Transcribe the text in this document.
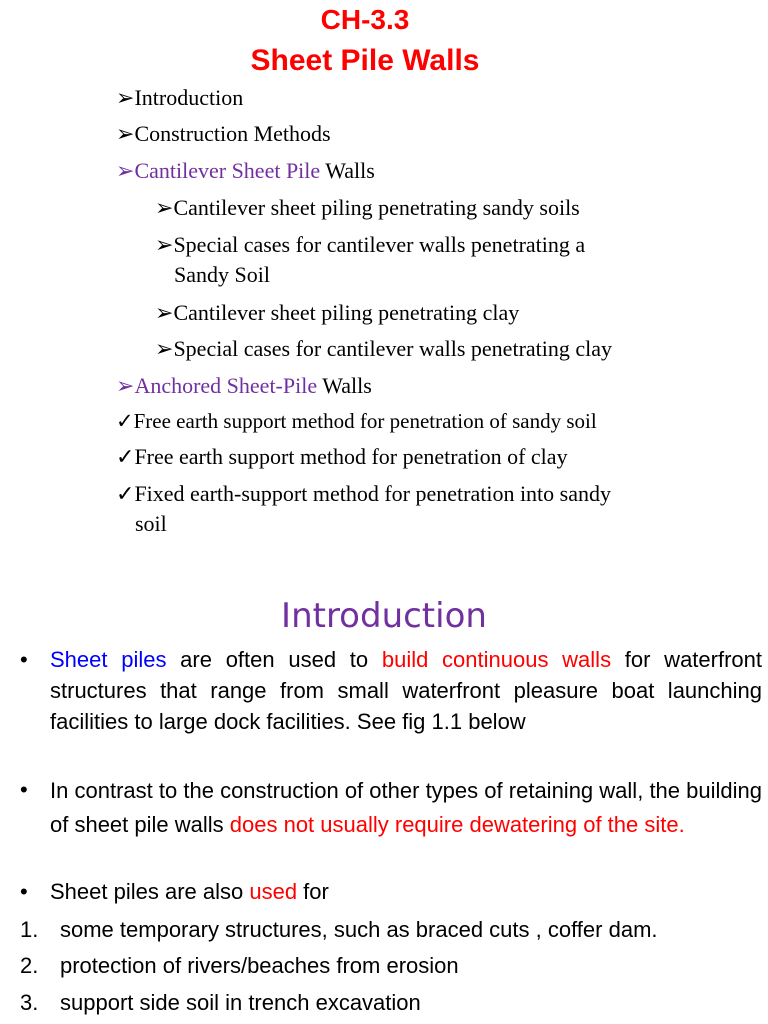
CH-3.3
Sheet Pile Walls
➢Introduction
➢Construction Methods
➢Cantilever Sheet Pile Walls
➢Cantilever sheet piling penetrating sandy soils
➢Special cases for cantilever walls penetrating a
Sandy Soil
➢Cantilever sheet piling penetrating clay
➢Special cases for cantilever walls penetrating clay
➢Anchored Sheet-Pile Walls
✓Free earth support method for penetration of sandy soil
✓Free earth support method for penetration of clay
✓Fixed earth-support method for penetration into sandy
soil
Introduction
• Sheet piles are often used to build continuous walls for waterfront structures that range from small waterfront pleasure boat launching facilities to large dock facilities. See fig 1.1 below
• In contrast to the construction of other types of retaining wall, the building of sheet pile walls does not usually require dewatering of the site.
• Sheet piles are also used for
1. some temporary structures, such as braced cuts , coffer dam.
2. protection of rivers/beaches from erosion
3. support side soil in trench excavation
